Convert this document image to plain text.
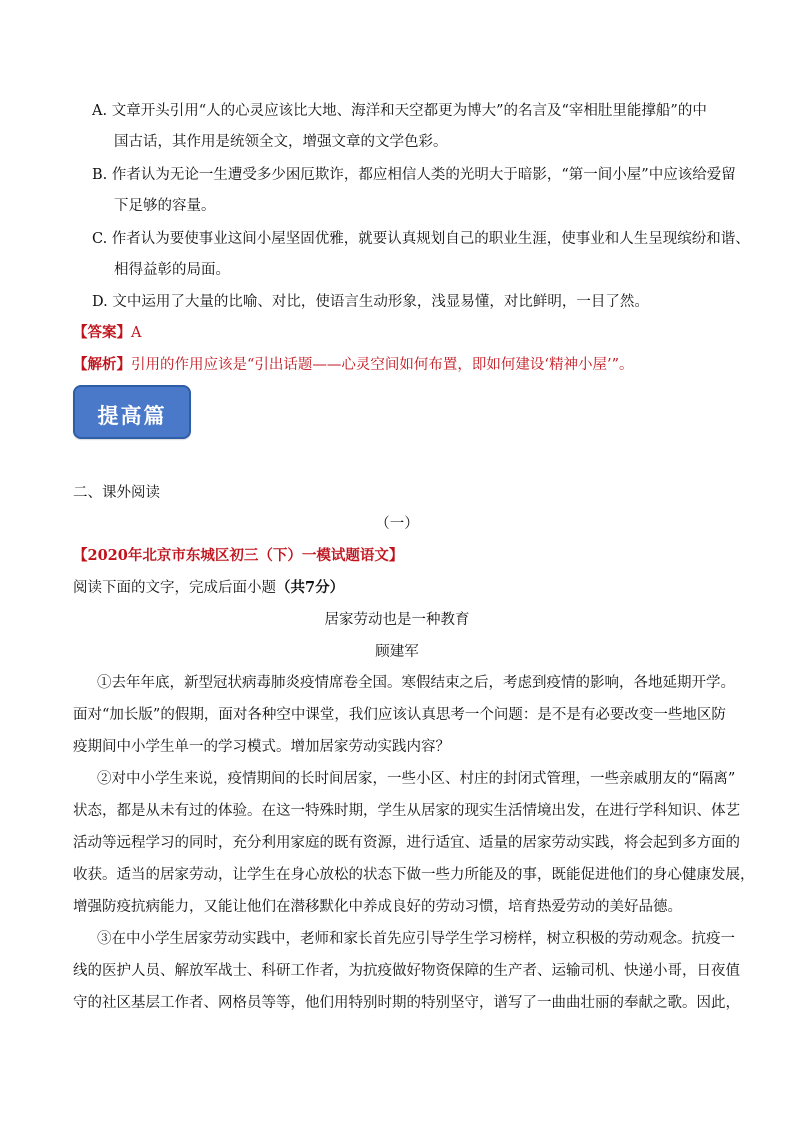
A. 文章开头引用“人的心灵应该比大地、海洋和天空都更为博大”的名言及“宰相肚里能撑船”的中
国古话，其作用是统领全文，增强文章的文学色彩。
B. 作者认为无论一生遭受多少困厄欺诈，都应相信人类的光明大于暗影，“第一间小屋”中应该给爱留
下足够的容量。
C. 作者认为要使事业这间小屋坚固优雅，就要认真规划自己的职业生涯，使事业和人生呈现缤纷和谐、
相得益彰的局面。
D. 文中运用了大量的比喻、对比，使语言生动形象，浅显易懂，对比鲜明，一目了然。
【答案】A
【解析】引用的作用应该是“引出话题——心灵空间如何布置，即如何建设‘精神小屋’”。
提高篇
二、课外阅读
（一）
【2020年北京市东城区初三（下）一模试题语文】
阅读下面的文字，完成后面小题（共7分）
居家劳动也是一种教育
顾建军
①去年年底，新型冠状病毒肺炎疫情席卷全国。寒假结束之后，考虑到疫情的影响，各地延期开学。
面对“加长版”的假期，面对各种空中课堂，我们应该认真思考一个问题：是不是有必要改变一些地区防
疫期间中小学生单一的学习模式。增加居家劳动实践内容？
②对中小学生来说，疫情期间的长时间居家，一些小区、村庄的封闭式管理，一些亲戚朋友的“隔离”
状态，都是从未有过的体验。在这一特殊时期，学生从居家的现实生活情境出发，在进行学科知识、体艺
活动等远程学习的同时，充分利用家庭的既有资源，进行适宜、适量的居家劳动实践，将会起到多方面的
收获。适当的居家劳动，让学生在身心放松的状态下做一些力所能及的事，既能促进他们的身心健康发展，
增强防疫抗病能力，又能让他们在潜移默化中养成良好的劳动习惯，培育热爱劳动的美好品德。
③在中小学生居家劳动实践中，老师和家长首先应引导学生学习榜样，树立积极的劳动观念。抗疫一
线的医护人员、解放军战士、科研工作者，为抗疫做好物资保障的生产者、运输司机、快递小哥，日夜值
守的社区基层工作者、网格员等等，他们用特别时期的特别坚守，谱写了一曲曲壮丽的奉献之歌。因此，
